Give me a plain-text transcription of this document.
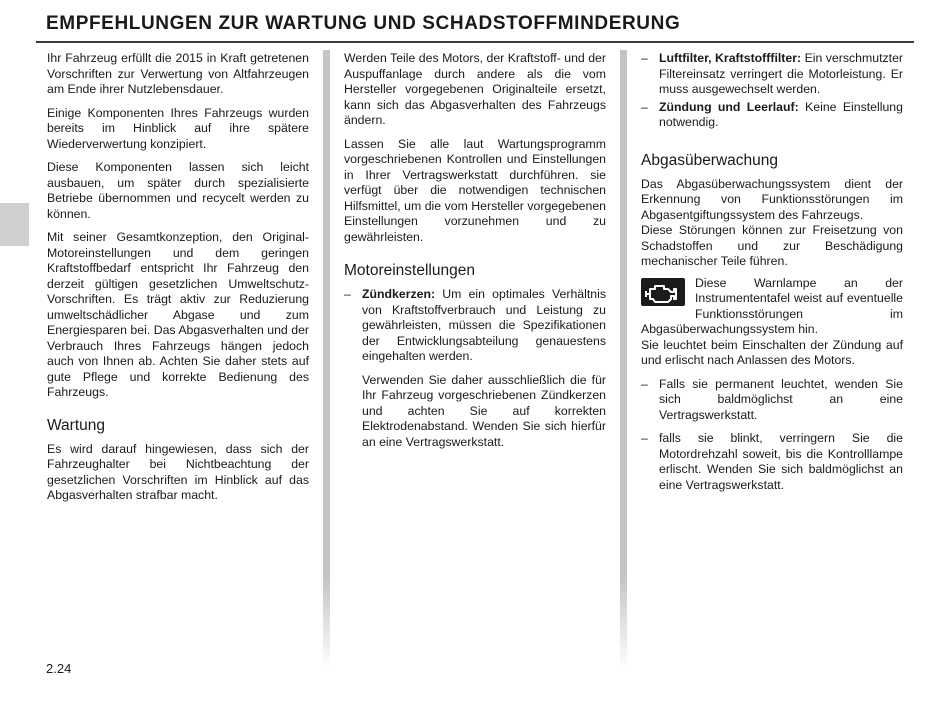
EMPFEHLUNGEN ZUR WARTUNG UND SCHADSTOFFMINDERUNG

Ihr Fahrzeug erfüllt die 2015 in Kraft getretenen Vorschriften zur Verwertung von Altfahrzeugen am Ende ihrer Nutzlebensdauer.

Einige Komponenten Ihres Fahrzeugs wurden bereits im Hinblick auf ihre spätere Wiederverwertung konzipiert.

Diese Komponenten lassen sich leicht ausbauen, um später durch spezialisierte Betriebe übernommen und recycelt werden zu können.

Mit seiner Gesamtkonzeption, den Original-Motoreinstellungen und dem geringen Kraftstoffbedarf entspricht Ihr Fahrzeug den derzeit gültigen gesetzlichen Umweltschutz-Vorschriften. Es trägt aktiv zur Reduzierung umweltschädlicher Abgase und zum Energiesparen bei. Das Abgasverhalten und der Verbrauch Ihres Fahrzeugs hängen jedoch auch von Ihnen ab. Achten Sie daher stets auf gute Pflege und korrekte Bedienung des Fahrzeugs.

Wartung

Es wird darauf hingewiesen, dass sich der Fahrzeughalter bei Nichtbeachtung der gesetzlichen Vorschriften im Hinblick auf das Abgasverhalten strafbar macht.

Werden Teile des Motors, der Kraftstoff- und der Auspuffanlage durch andere als die vom Hersteller vorgegebenen Originalteile ersetzt, kann sich das Abgasverhalten des Fahrzeugs ändern.

Lassen Sie alle laut Wartungsprogramm vorgeschriebenen Kontrollen und Einstellungen in Ihrer Vertragswerkstatt durchführen. sie verfügt über die notwendigen technischen Hilfsmittel, um die vom Hersteller vorgegebenen Einstellungen vorzunehmen und zu gewährleisten.

Motoreinstellungen
– Zündkerzen: Um ein optimales Verhältnis von Kraftstoffverbrauch und Leistung zu gewährleisten, müssen die Spezifikationen der Entwicklungsabteilung genauestens eingehalten werden.

Verwenden Sie daher ausschließlich die für Ihr Fahrzeug vorgeschriebenen Zündkerzen und achten Sie auf korrekten Elektrodenabstand. Wenden Sie sich hierfür an eine Vertragswerkstatt.

– Luftfilter, Kraftstofffilter: Ein verschmutzter Filtereinsatz verringert die Motorleistung. Er muss ausgewechselt werden.
– Zündung und Leerlauf: Keine Einstellung notwendig.
Abgasüberwachung

Das Abgasüberwachungssystem dient der Erkennung von Funktionsstörungen im Abgasentgiftungssystem des Fahrzeugs.

Diese Störungen können zur Freisetzung von Schadstoffen und zur Beschädigung mechanischer Teile führen.

Diese Warnlampe an der Instrumententafel weist auf eventuelle Funktionsstörungen im Abgasüberwachungssystem hin.

Sie leuchtet beim Einschalten der Zündung auf und erlischt nach Anlassen des Motors.

– Falls sie permanent leuchtet, wenden Sie sich baldmöglichst an eine Vertragswerkstatt.
– falls sie blinkt, verringern Sie die Motordrehzahl soweit, bis die Kontrolllampe erlischt. Wenden Sie sich baldmöglichst an eine Vertragswerkstatt.
2.24
